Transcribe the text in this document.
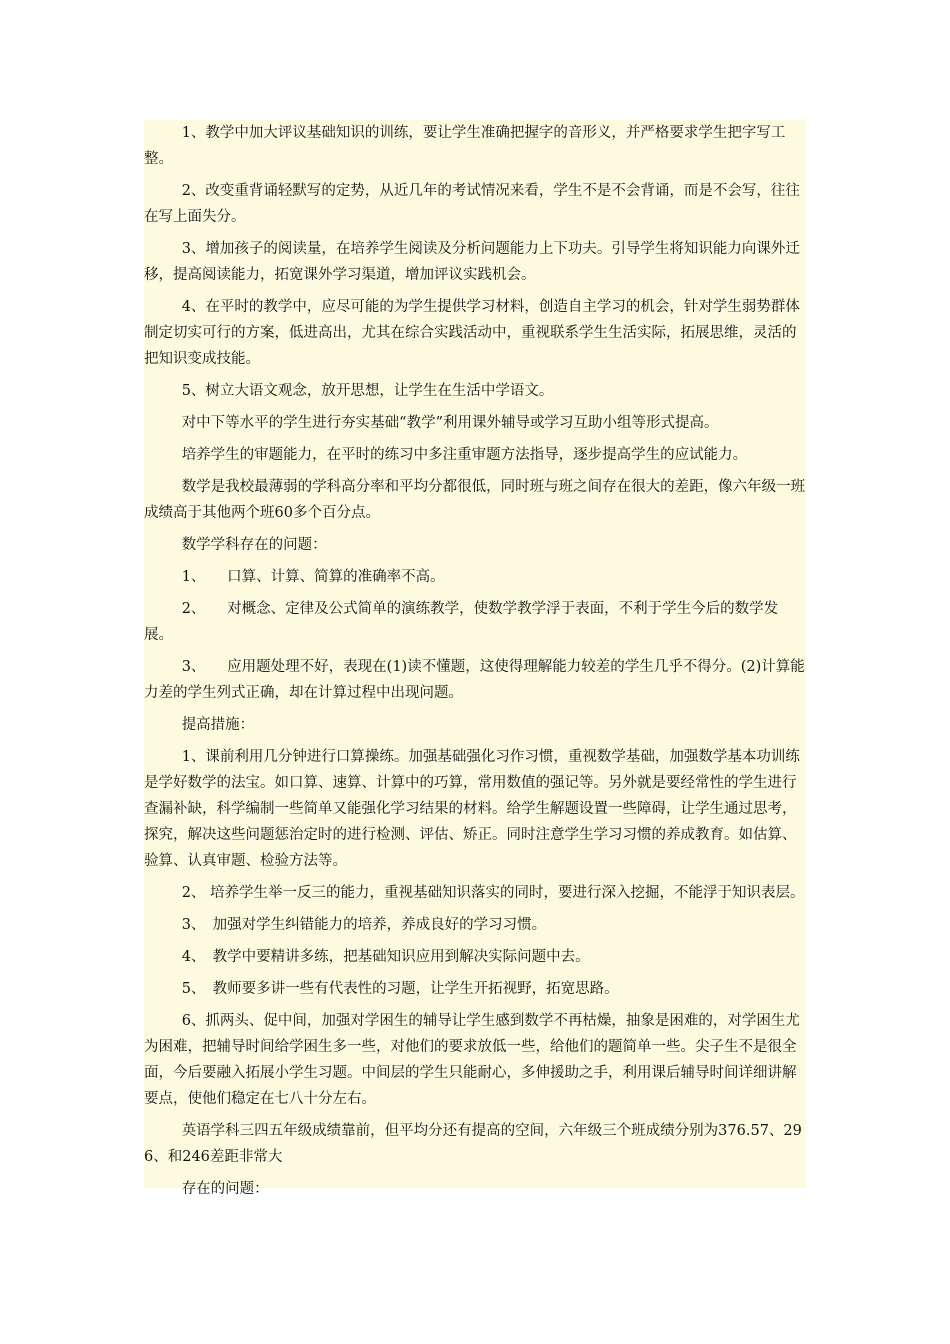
1、教学中加大评议基础知识的训练，要让学生准确把握字的音形义，并严格要求学生把字写工整。

2、改变重背诵轻默写的定势，从近几年的考试情况来看，学生不是不会背诵，而是不会写，往往在写上面失分。

3、增加孩子的阅读量，在培养学生阅读及分析问题能力上下功夫。引导学生将知识能力向课外迁移，提高阅读能力，拓宽课外学习渠道，增加评议实践机会。

4、在平时的教学中，应尽可能的为学生提供学习材料，创造自主学习的机会，针对学生弱势群体制定切实可行的方案，低进高出，尤其在综合实践活动中，重视联系学生生活实际，拓展思维，灵活的把知识变成技能。

5、树立大语文观念，放开思想，让学生在生活中学语文。

对中下等水平的学生进行夯实基础“教学”利用课外辅导或学习互助小组等形式提高。

培养学生的审题能力，在平时的练习中多注重审题方法指导，逐步提高学生的应试能力。

数学是我校最薄弱的学科高分率和平均分都很低，同时班与班之间存在很大的差距，像六年级一班成绩高于其他两个班60多个百分点。

数学学科存在的问题：

1、　　口算、计算、简算的准确率不高。

2、　　对概念、定律及公式简单的演练教学，使数学教学浮于表面，不利于学生今后的数学发展。

3、　　应用题处理不好，表现在(1)读不懂题，这使得理解能力较差的学生几乎不得分。(2)计算能力差的学生列式正确，却在计算过程中出现问题。

提高措施：

1、课前利用几分钟进行口算操练。加强基础强化习作习惯，重视数学基础，加强数学基本功训练是学好数学的法宝。如口算、速算、计算中的巧算，常用数值的强记等。另外就是要经常性的学生进行查漏补缺，科学编制一些简单又能强化学习结果的材料。给学生解题设置一些障碍，让学生通过思考，探究，解决这些问题惩治定时的进行检测、评估、矫正。同时注意学生学习习惯的养成教育。如估算、验算、认真审题、检验方法等。

2、 培养学生举一反三的能力，重视基础知识落实的同时，要进行深入挖掘，不能浮于知识表层。

3、　加强对学生纠错能力的培养，养成良好的学习习惯。

4、　教学中要精讲多练，把基础知识应用到解决实际问题中去。

5、　教师要多讲一些有代表性的习题，让学生开拓视野，拓宽思路。

6、抓两头、促中间，加强对学困生的辅导让学生感到数学不再枯燥，抽象是困难的，对学困生尤为困难，把辅导时间给学困生多一些，对他们的要求放低一些，给他们的题简单一些。尖子生不是很全面，今后要融入拓展小学生习题。中间层的学生只能耐心，多伸援助之手，利用课后辅导时间详细讲解要点，使他们稳定在七八十分左右。

英语学科三四五年级成绩靠前，但平均分还有提高的空间，六年级三个班成绩分别为376.57、296、和246差距非常大

存在的问题：
